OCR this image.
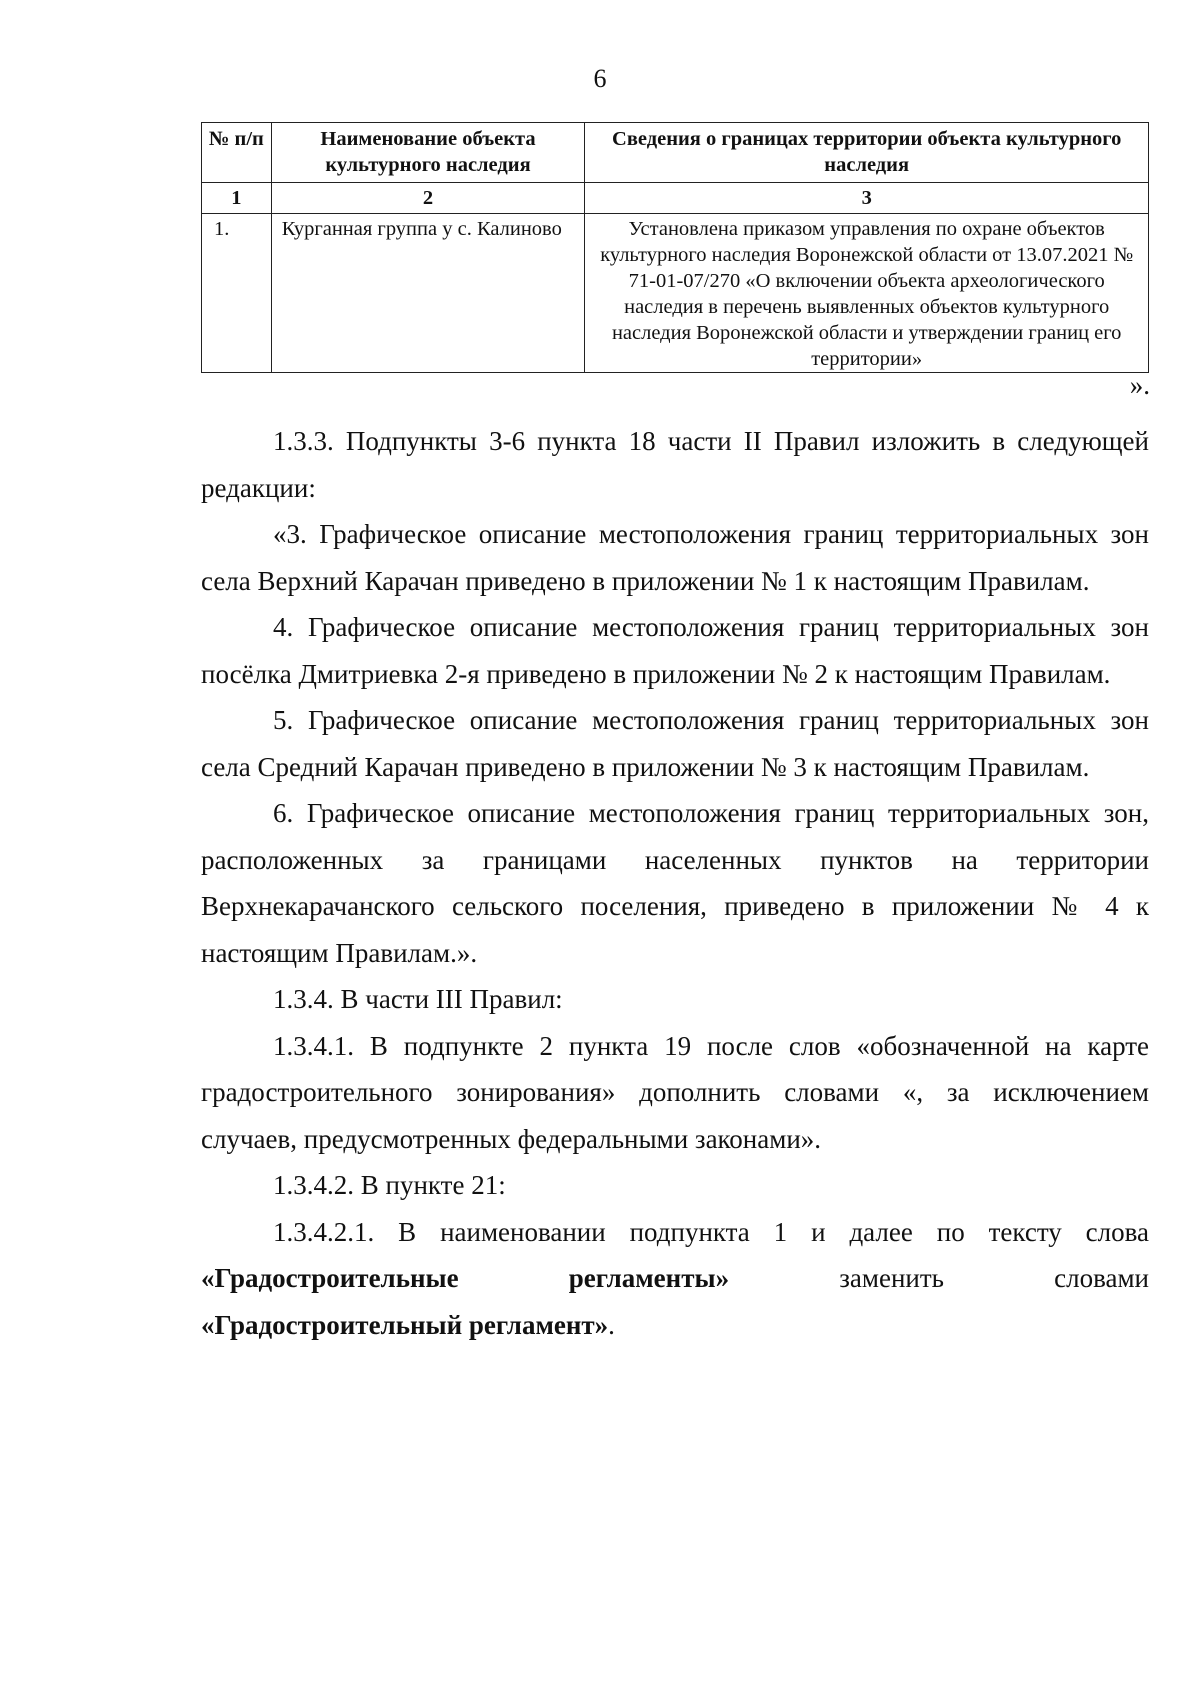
6
№ п/п	Наименование объекта культурного наследия	Сведения о границах территории объекта культурного наследия
1	2	3
1.	Курганная группа у с. Калиново	Установлена приказом управления по охране объектов культурного наследия Воронежской области от 13.07.2021 № 71-01-07/270 «О включении объекта археологического наследия в перечень выявленных объектов культурного наследия Воронежской области и утверждении границ его территории»
».

1.3.3. Подпункты 3-6 пункта 18 части II Правил изложить в следующей редакции:

«3. Графическое описание местоположения границ территориальных зон села Верхний Карачан приведено в приложении № 1 к настоящим Правилам.

4. Графическое описание местоположения границ территориальных зон посёлка Дмитриевка 2-я приведено в приложении № 2 к настоящим Правилам.

5. Графическое описание местоположения границ территориальных зон села Средний Карачан приведено в приложении № 3 к настоящим Правилам.

6. Графическое описание местоположения границ территориальных зон, расположенных за границами населенных пунктов на территории Верхнекарачанского сельского поселения, приведено в приложении № 4 к настоящим Правилам.».

1.3.4. В части III Правил:

1.3.4.1. В подпункте 2 пункта 19 после слов «обозначенной на карте градостроительного зонирования» дополнить словами «, за исключением случаев, предусмотренных федеральными законами».

1.3.4.2. В пункте 21:

1.3.4.2.1. В наименовании подпункта 1 и далее по тексту слова «Градостроительные регламенты»	заменить словами

«Градостроительный регламент».
